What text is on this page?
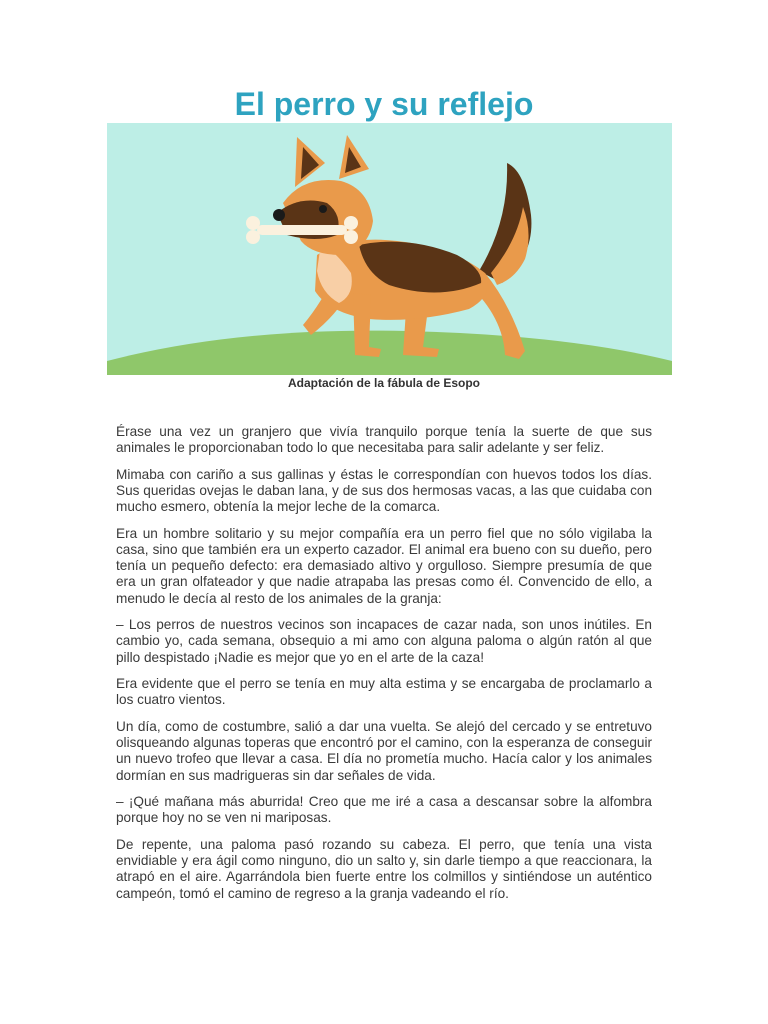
El perro y su reflejo

Adaptación de la fábula de Esopo

Érase una vez un granjero que vivía tranquilo porque tenía la suerte de que sus animales le proporcionaban todo lo que necesitaba para salir adelante y ser feliz.

Mimaba con cariño a sus gallinas y éstas le correspondían con huevos todos los días. Sus queridas ovejas le daban lana, y de sus dos hermosas vacas, a las que cuidaba con mucho esmero, obtenía la mejor leche de la comarca.

Era un hombre solitario y su mejor compañía era un perro fiel que no sólo vigilaba la casa, sino que también era un experto cazador. El animal era bueno con su dueño, pero tenía un pequeño defecto: era demasiado altivo y orgulloso. Siempre presumía de que era un gran olfateador y que nadie atrapaba las presas como él. Convencido de ello, a menudo le decía al resto de los animales de la granja:

– Los perros de nuestros vecinos son incapaces de cazar nada, son unos inútiles. En cambio yo, cada semana, obsequio a mi amo con alguna paloma o algún ratón al que pillo despistado ¡Nadie es mejor que yo en el arte de la caza!

Era evidente que el perro se tenía en muy alta estima y se encargaba de proclamarlo a los cuatro vientos.

Un día, como de costumbre, salió a dar una vuelta. Se alejó del cercado y se entretuvo olisqueando algunas toperas que encontró por el camino, con la esperanza de conseguir un nuevo trofeo que llevar a casa. El día no prometía mucho. Hacía calor y los animales dormían en sus madrigueras sin dar señales de vida.

– ¡Qué mañana más aburrida! Creo que me iré a casa a descansar sobre la alfombra porque hoy no se ven ni mariposas.

De repente, una paloma pasó rozando su cabeza. El perro, que tenía una vista envidiable y era ágil como ninguno, dio un salto y, sin darle tiempo a que reaccionara, la atrapó en el aire. Agarrándola bien fuerte entre los colmillos y sintiéndose un auténtico campeón, tomó el camino de regreso a la granja vadeando el río.
